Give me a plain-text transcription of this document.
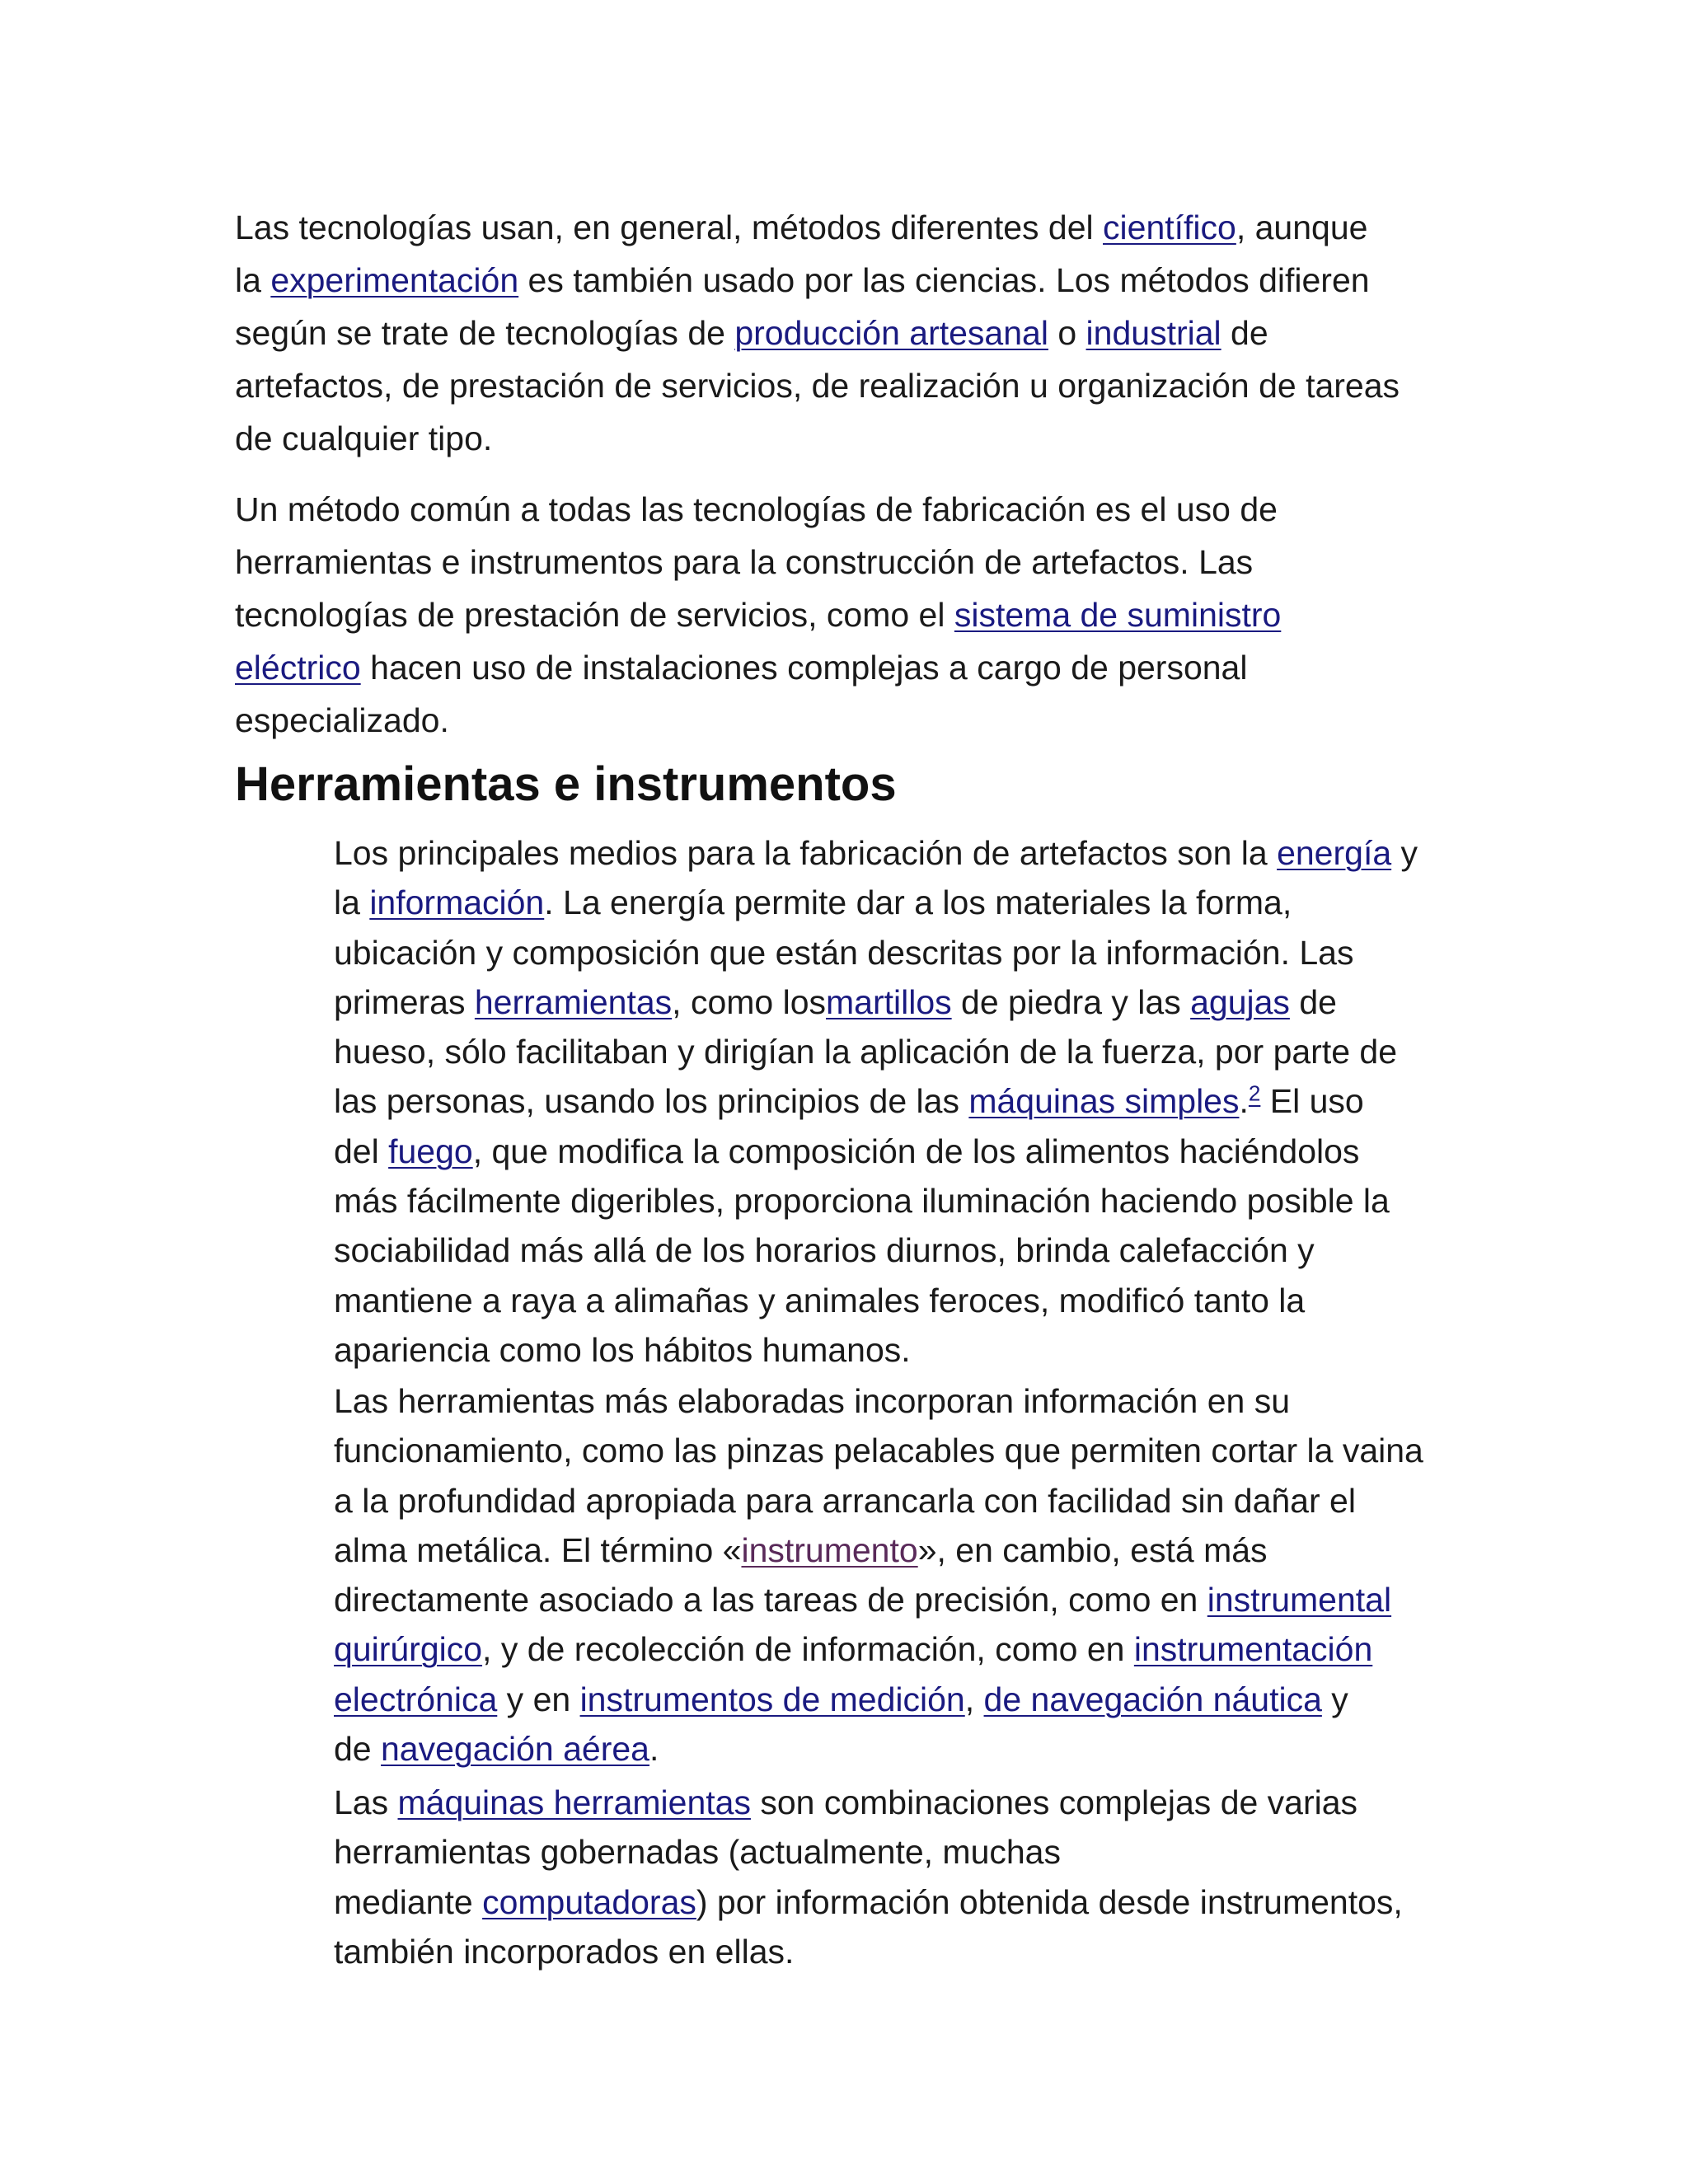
Las tecnologías usan, en general, métodos diferentes del científico, aunque
la experimentación es también usado por las ciencias. Los métodos difieren
según se trate de tecnologías de producción artesanal o industrial de
artefactos, de prestación de servicios, de realización u organización de tareas
de cualquier tipo.

Un método común a todas las tecnologías de fabricación es el uso de
herramientas e instrumentos para la construcción de artefactos. Las
tecnologías de prestación de servicios, como el sistema de suministro
eléctrico hacen uso de instalaciones complejas a cargo de personal
especializado.

Herramientas e instrumentos

Los principales medios para la fabricación de artefactos son la energía y
la información. La energía permite dar a los materiales la forma,
ubicación y composición que están descritas por la información. Las
primeras herramientas, como losmartillos de piedra y las agujas de
hueso, sólo facilitaban y dirigían la aplicación de la fuerza, por parte de
las personas, usando los principios de las máquinas simples.$^2$ El uso
del fuego, que modifica la composición de los alimentos haciéndolos
más fácilmente digeribles, proporciona iluminación haciendo posible la
sociabilidad más allá de los horarios diurnos, brinda calefacción y
mantiene a raya a alimañas y animales feroces, modificó tanto la
apariencia como los hábitos humanos.

Las herramientas más elaboradas incorporan información en su
funcionamiento, como las pinzas pelacables que permiten cortar la vaina
a la profundidad apropiada para arrancarla con facilidad sin dañar el
alma metálica. El término «instrumento», en cambio, está más
directamente asociado a las tareas de precisión, como en instrumental
quirúrgico, y de recolección de información, como en instrumentación
electrónica y en instrumentos de medición, de navegación náutica y
de navegación aérea.

Las máquinas herramientas son combinaciones complejas de varias
herramientas gobernadas (actualmente, muchas
mediante computadoras) por información obtenida desde instrumentos,
también incorporados en ellas.
